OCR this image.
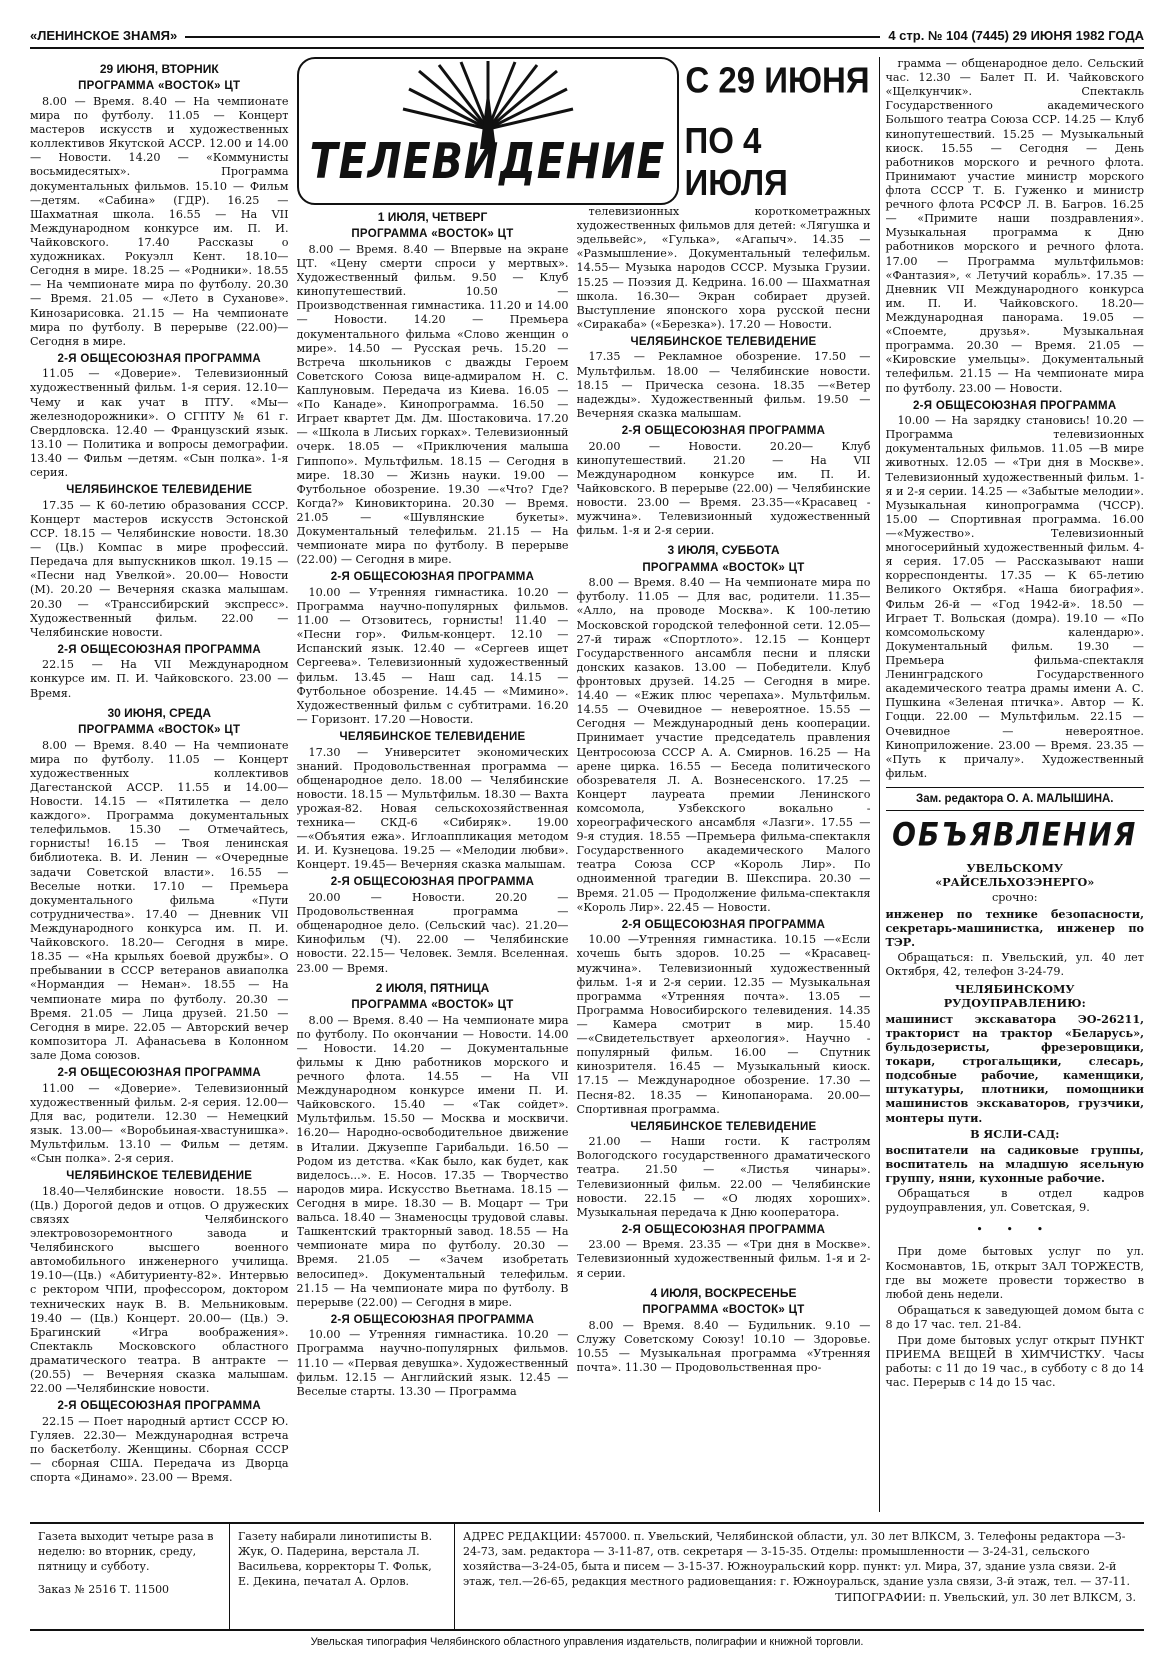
«ЛЕНИНСКОЕ ЗНАМЯ»	4 стр. № 104 (7445) 29 ИЮНЯ 1982 ГОДА
29 ИЮНЯ, ВТОРНИК
ПРОГРАММА «ВОСТОК» ЦТ

8.00 — Время. 8.40 — На чемпионате мира по футболу. 11.05 — Концерт мастеров искусств и художественных коллективов Якутской АССР. 12.00 и 14.00 — Новости. 14.20 — «Коммунисты восьмидесятых». Программа документальных фильмов. 15.10 — Фильм—детям. «Сабина» (ГДР). 16.25 — Шахматная школа. 16.55 — На VII Международном конкурсе им. П. И. Чайковского. 17.40 Рассказы о художниках. Рокуэлл Кент. 18.10— Сегодня в мире. 18.25 — «Родники». 18.55 — На чемпионате мира по футболу. 20.30 — Время. 21.05 — «Лето в Суханове». Кинозарисовка. 21.15 — На чемпионате мира по футболу. В перерыве (22.00)— Сегодня в мире.

2-Я ОБЩЕСОЮЗНАЯ ПРОГРАММА

11.05 — «Доверие». Телевизионный художественный фильм. 1-я серия. 12.10— Чему и как учат в ПТУ. «Мы—железнодорожники». О СГПТУ № 61 г. Свердловска. 12.40 — Французский язык. 13.10 — Политика и вопросы демографии. 13.40 — Фильм —детям. «Сын полка». 1-я серия.

ЧЕЛЯБИНСКОЕ ТЕЛЕВИДЕНИЕ

17.35 — К 60-летию образования СССР. Концерт мастеров искусств Эстонской ССР. 18.15 — Челябинские новости. 18.30 — (Цв.) Компас в мире профессий. Передача для выпускников школ. 19.15 — «Песни над Увелкой». 20.00— Новости (М). 20.20 — Вечерняя сказка малышам. 20.30 — «Транссибирский экспресс». Художественный фильм. 22.00 — Челябинские новости.

2-Я ОБЩЕСОЮЗНАЯ ПРОГРАММА

22.15 — На VII Международном конкурсе им. П. И. Чайковского. 23.00 — Время.

30 ИЮНЯ, СРЕДА
ПРОГРАММА «ВОСТОК» ЦТ

8.00 — Время. 8.40 — На чемпионате мира по футболу. 11.05 — Концерт художественных коллективов Дагестанской АССР. 11.55 и 14.00— Новости. 14.15 — «Пятилетка — дело каждого». Программа документальных телефильмов. 15.30 — Отмечайтесь, горнисты! 16.15 — Твоя ленинская библиотека. В. И. Ленин — «Очередные задачи Советской власти». 16.55 — Веселые нотки. 17.10 — Премьера документального фильма «Пути сотрудничества». 17.40 — Дневник VII Международного конкурса им. П. И. Чайковского. 18.20— Сегодня в мире. 18.35 — «На крыльях боевой дружбы». О пребывании в СССР ветеранов авиаполка «Нормандия — Неман». 18.55 — На чемпионате мира по футболу. 20.30 — Время. 21.05 — Лица друзей. 21.50 — Сегодня в мире. 22.05 — Авторский вечер композитора Л. Афанасьева в Колонном зале Дома союзов.

2-Я ОБЩЕСОЮЗНАЯ ПРОГРАММА

11.00 — «Доверие». Телевизионный художественный фильм. 2-я серия. 12.00—Для вас, родители. 12.30 — Немецкий язык. 13.00— «Воробьиная-хвастунишка». Мультфильм. 13.10 — Фильм — детям. «Сын полка». 2-я серия.

ЧЕЛЯБИНСКОЕ ТЕЛЕВИДЕНИЕ

18.40—Челябинские новости. 18.55 — (Цв.) Дорогой дедов и отцов. О дружеских связях Челябинского электровозоремонтного завода и Челябинского высшего военного автомобильного инженерного училища. 19.10—(Цв.) «Абитуриенту-82». Интервью с ректором ЧПИ, профессором, доктором технических наук В. В. Мельниковым. 19.40 — (Цв.) Концерт. 20.00— (Цв.) Э. Брагинский «Игра воображения». Спектакль Московского областного драматического театра. В антракте — (20.55) — Вечерняя сказка малышам. 22.00 —Челябинские новости.

2-Я ОБЩЕСОЮЗНАЯ ПРОГРАММА

22.15 — Поет народный артист СССР Ю. Гуляев. 22.30— Международная встреча по баскетболу. Женщины. Сборная СССР — сборная США. Передача из Дворца спорта «Динамо». 23.00 — Время.

ТЕЛЕВИДЕНИЕ
С 29 ИЮНЯ
ПО 4 ИЮЛЯ
1 ИЮЛЯ, ЧЕТВЕРГ
ПРОГРАММА «ВОСТОК» ЦТ

8.00 — Время. 8.40 — Впервые на экране ЦТ. «Цену смерти спроси у мертвых». Художественный фильм. 9.50 — Клуб кинопутешествий. 10.50 — Производственная гимнастика. 11.20 и 14.00 — Новости. 14.20 — Премьера документального фильма «Слово женщин о мире». 14.50 — Русская речь. 15.20 — Встреча школьников с дважды Героем Советского Союза вице-адмиралом Н. С. Каплуновым. Передача из Киева. 16.05 — «По Канаде». Кинопрограмма. 16.50 — Играет квартет Дм. Дм. Шостаковича. 17.20 — «Школа в Лисьих горках». Телевизионный очерк. 18.05 — «Приключения малыша Гиппопо». Мультфильм. 18.15 — Сегодня в мире. 18.30 — Жизнь науки. 19.00 — Футбольное обозрение. 19.30 —«Что? Где? Когда?» Киновикторина. 20.30 — Время. 21.05 — «Шувлянские букеты». Документальный телефильм. 21.15 — На чемпионате мира по футболу. В перерыве (22.00) — Сегодня в мире.

2-Я ОБЩЕСОЮЗНАЯ ПРОГРАММА

10.00 — Утренняя гимнастика. 10.20 — Программа научно-популярных фильмов. 11.00 — Отзовитесь, горнисты! 11.40 — «Песни гор». Фильм-концерт. 12.10 — Испанский язык. 12.40 — «Сергеев ищет Сергеева». Телевизионный художественный фильм. 13.45 — Наш сад. 14.15 — Футбольное обозрение. 14.45 — «Мимино». Художественный фильм с субтитрами. 16.20 — Горизонт. 17.20 —Новости.

ЧЕЛЯБИНСКОЕ ТЕЛЕВИДЕНИЕ

17.30 — Университет экономических знаний. Продовольственная программа — общенародное дело. 18.00 — Челябинские новости. 18.15 — Мультфильм. 18.30 — Вахта урожая-82. Новая сельскохозяйственная техника— СКД-6 «Сибиряк». 19.00 —«Объятия ежа». Иглоаппликация методом И. И. Кузнецова. 19.25 — «Мелодии любви». Концерт. 19.45— Вечерняя сказка малышам.

2-Я ОБЩЕСОЮЗНАЯ ПРОГРАММА

20.00 — Новости. 20.20 — Продовольственная программа — общенародное дело. (Сельский час). 21.20— Кинофильм (Ч). 22.00 — Челябинские новости. 22.15— Человек. Земля. Вселенная. 23.00 — Время.

2 ИЮЛЯ, ПЯТНИЦА
ПРОГРАММА «ВОСТОК» ЦТ

8.00 — Время. 8.40 — На чемпионате мира по футболу. По окончании — Новости. 14.00 — Новости. 14.20 — Документальные фильмы к Дню работников морского и речного флота. 14.55 — На VII Международном конкурсе имени П. И. Чайковского. 15.40 — «Так сойдет». Мультфильм. 15.50 — Москва и москвичи. 16.20— Народно-освободительное движение в Италии. Джузеппе Гарибальди. 16.50 — Родом из детства. «Как было, как будет, как виделось...». Е. Носов. 17.35 — Творчество народов мира. Искусство Вьетнама. 18.15 — Сегодня в мире. 18.30 — В. Моцарт — Три вальса. 18.40 — Знаменосцы трудовой славы. Ташкентский тракторный завод. 18.55 — На чемпионате мира по футболу. 20.30 — Время. 21.05 — «Зачем изобретать велосипед». Документальный телефильм. 21.15 — На чемпионате мира по футболу. В перерыве (22.00) — Сегодня в мире.

2-Я ОБЩЕСОЮЗНАЯ ПРОГРАММА

10.00 — Утренняя гимнастика. 10.20 — Программа научно-популярных фильмов. 11.10 — «Первая девушка». Художественный фильм. 12.15 — Английский язык. 12.45 — Веселые старты. 13.30 — Программа

телевизионных короткометражных художественных фильмов для детей: «Лягушка и эдельвейс», «Гулька», «Агапыч». 14.35 — «Размышление». Документальный телефильм. 14.55— Музыка народов СССР. Музыка Грузии. 15.25 — Поэзия Д. Кедрина. 16.00 — Шахматная школа. 16.30— Экран собирает друзей. Выступление японского хора русской песни «Сиракаба» («Березка»). 17.20 — Новости.

ЧЕЛЯБИНСКОЕ ТЕЛЕВИДЕНИЕ

17.35 — Рекламное обозрение. 17.50 — Мультфильм. 18.00 — Челябинские новости. 18.15 — Прическа сезона. 18.35 —«Ветер надежды». Художественный фильм. 19.50 — Вечерняя сказка малышам.

2-Я ОБЩЕСОЮЗНАЯ ПРОГРАММА

20.00 — Новости. 20.20— Клуб кинопутешествий. 21.20 — На VII Международном конкурсе им. П. И. Чайковского. В перерыве (22.00) — Челябинские новости. 23.00 — Время. 23.35—«Красавец - мужчина». Телевизионный художественный фильм. 1-я и 2-я серии.

3 ИЮЛЯ, СУББОТА
ПРОГРАММА «ВОСТОК» ЦТ

8.00 — Время. 8.40 — На чемпионате мира по футболу. 11.05 — Для вас, родители. 11.35— «Алло, на проводе Москва». К 100-летию Московской городской телефонной сети. 12.05—27-й тираж «Спортлото». 12.15 — Концерт Государственного ансамбля песни и пляски донских казаков. 13.00 — Победители. Клуб фронтовых друзей. 14.25 — Сегодня в мире. 14.40 — «Ежик плюс черепаха». Мультфильм. 14.55 — Очевидное — невероятное. 15.55 — Сегодня — Международный день кооперации. Принимает участие председатель правления Центросоюза СССР А. А. Смирнов. 16.25 — На арене цирка. 16.55 — Беседа политического обозревателя Л. А. Вознесенского. 17.25 — Концерт лауреата премии Ленинского комсомола, Узбекского вокально - хореографического ансамбля «Лазги». 17.55 — 9-я студия. 18.55 —Премьера фильма-спектакля Государственного академического Малого театра Союза ССР «Король Лир». По одноименной трагедии В. Шекспира. 20.30 — Время. 21.05 — Продолжение фильма-спектакля «Король Лир». 22.45 — Новости.

2-Я ОБЩЕСОЮЗНАЯ ПРОГРАММА

10.00 —Утренняя гимнастика. 10.15 —«Если хочешь быть здоров. 10.25 — «Красавец-мужчина». Телевизионный художественный фильм. 1-я и 2-я серии. 12.35 — Музыкальная программа «Утренняя почта». 13.05 — Программа Новосибирского телевидения. 14.35— Камера смотрит в мир. 15.40 —«Свидетельствует археология». Научно - популярный фильм. 16.00 — Спутник кинозрителя. 16.45 — Музыкальный киоск. 17.15 — Международное обозрение. 17.30 — Песня-82. 18.35 — Кинопанорама. 20.00—Спортивная программа.

ЧЕЛЯБИНСКОЕ ТЕЛЕВИДЕНИЕ

21.00 — Наши гости. К гастролям Вологодского государственного драматического театра. 21.50 — «Листья чинары». Телевизионный фильм. 22.00 — Челябинские новости. 22.15 — «О людях хороших». Музыкальная передача к Дню кооператора.

2-Я ОБЩЕСОЮЗНАЯ ПРОГРАММА

23.00 — Время. 23.35 — «Три дня в Москве». Телевизионный художественный фильм. 1-я и 2-я серии.

4 ИЮЛЯ, ВОСКРЕСЕНЬЕ
ПРОГРАММА «ВОСТОК» ЦТ

8.00 — Время. 8.40 — Будильник. 9.10 — Служу Советскому Союзу! 10.10 — Здоровье. 10.55 — Музыкальная программа «Утренняя почта». 11.30 — Продовольственная про-

грамма — общенародное дело. Сельский час. 12.30 — Балет П. И. Чайковского «Щелкунчик». Спектакль Государственного академического Большого театра Союза ССР. 14.25 — Клуб кинопутешествий. 15.25 — Музыкальный киоск. 15.55 — Сегодня — День работников морского и речного флота. Принимают участие министр морского флота СССР Т. Б. Гуженко и министр речного флота РСФСР Л. В. Багров. 16.25 — «Примите наши поздравления». Музыкальная программа к Дню работников морского и речного флота. 17.00 — Программа мультфильмов: «Фантазия», « Летучий корабль». 17.35 — Дневник VII Международного конкурса им. П. И. Чайковского. 18.20— Международная панорама. 19.05 — «Споемте, друзья». Музыкальная программа. 20.30 — Время. 21.05 — «Кировские умельцы». Документальный телефильм. 21.15 — На чемпионате мира по футболу. 23.00 — Новости.

2-Я ОБЩЕСОЮЗНАЯ ПРОГРАММА

10.00 — На зарядку становись! 10.20 — Программа телевизионных документальных фильмов. 11.05 —В мире животных. 12.05 — «Три дня в Москве». Телевизионный художественный фильм. 1-я и 2-я серии. 14.25 — «Забытые мелодии». Музыкальная кинопрограмма (ЧССР). 15.00 — Спортивная программа. 16.00 —«Мужество». Телевизионный многосерийный художественный фильм. 4-я серия. 17.05 — Рассказывают наши корреспонденты. 17.35 — К 65-летию Великого Октября. «Наша биография». Фильм 26-й — «Год 1942-й». 18.50 — Играет Т. Вольская (домра). 19.10 — «По комсомольскому календарю». Документальный фильм. 19.30 — Премьера фильма-спектакля Ленинградского Государственного академического театра драмы имени А. С. Пушкина «Зеленая птичка». Автор — К. Гоцци. 22.00 — Мультфильм. 22.15 — Очевидное — невероятное. Киноприложение. 23.00 — Время. 23.35 — «Путь к причалу». Художественный фильм.

Зам. редактора О. А. МАЛЫШИНА.
ОБЪЯВЛЕНИЯ

УВЕЛЬСКОМУ «РАЙСЕЛЬХОЗЭНЕРГО»

срочно:

инженер по технике безопасности, секретарь-машинистка, инженер по ТЭР.

Обращаться: п. Увельский, ул. 40 лет Октября, 42, телефон 3-24-79.

ЧЕЛЯБИНСКОМУ РУДОУПРАВЛЕНИЮ:

машинист экскаватора ЭО-26211, тракторист на трактор «Беларусь», бульдозеристы, фрезеровщики, токари, строгальщики, слесарь, подсобные рабочие, каменщики, штукатуры, плотники, помощники машинистов экскаваторов, грузчики, монтеры пути.

В ЯСЛИ-САД:

воспитатели на садиковые группы, воспитатель на младшую ясельную группу, няни, кухонные рабочие.

Обращаться в отдел кадров рудоуправления, ул. Советская, 9.

• • •

При доме бытовых услуг по ул. Космонавтов, 1Б, открыт ЗАЛ ТОРЖЕСТВ, где вы можете провести торжество в любой день недели.

Обращаться к заведующей домом быта с 8 до 17 час. тел. 21-84.

При доме бытовых услуг открыт ПУНКТ ПРИЕМА ВЕЩЕЙ В ХИМЧИСТКУ. Часы работы: с 11 до 19 час., в субботу с 8 до 14 час. Перерыв с 14 до 15 час.

Газета выходит четыре раза в неделю: во вторник, среду, пятницу и субботу.
Заказ № 2516 Т. 11500
Газету набирали линотиписты В. Жук, О. Падерина, верстала Л. Васильева, корректоры Т. Фольк, Е. Декина, печатал А. Орлов.
АДРЕС РЕДАКЦИИ: 457000. п. Увельский, Челябинской области, ул. 30 лет ВЛКСМ, 3. Телефоны редактора —3-24-73, зам. редактора — 3-11-87, отв. секретаря — 3-15-35. Отделы: промышленности — 3-24-31, сельского хозяйства—3-24-05, быта и писем — 3-15-37. Южноуральский корр. пункт: ул. Мира, 37, здание узла связи. 2-й этаж, тел.—26-65, редакция местного радиовещания: г. Южноуральск, здание узла связи, 3-й этаж, тел. — 37-11.
ТИПОГРАФИИ: п. Увельский, ул. 30 лет ВЛКСМ, 3.
Увельская типография Челябинского областного управления издательств, полиграфии и книжной торговли.
